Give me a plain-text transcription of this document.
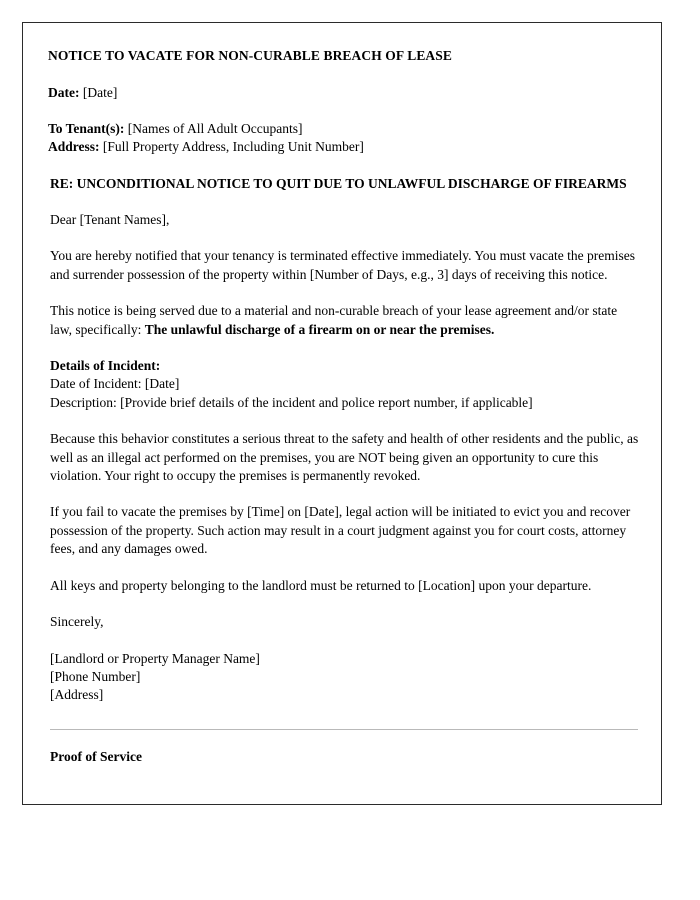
NOTICE TO VACATE FOR NON-CURABLE BREACH OF LEASE

Date: [Date]

To Tenant(s): [Names of All Adult Occupants]

Address: [Full Property Address, Including Unit Number]

RE: UNCONDITIONAL NOTICE TO QUIT DUE TO UNLAWFUL DISCHARGE OF FIREARMS

Dear [Tenant Names],

You are hereby notified that your tenancy is terminated effective immediately. You must vacate the premises and surrender possession of the property within [Number of Days, e.g., 3] days of receiving this notice.

This notice is being served due to a material and non-curable breach of your lease agreement and/or state law, specifically: The unlawful discharge of a firearm on or near the premises.

Details of Incident:

Date of Incident: [Date]

Description: [Provide brief details of the incident and police report number, if applicable]

Because this behavior constitutes a serious threat to the safety and health of other residents and the public, as well as an illegal act performed on the premises, you are NOT being given an opportunity to cure this violation. Your right to occupy the premises is permanently revoked.

If you fail to vacate the premises by [Time] on [Date], legal action will be initiated to evict you and recover possession of the property. Such action may result in a court judgment against you for court costs, attorney fees, and any damages owed.

All keys and property belonging to the landlord must be returned to [Location] upon your departure.

Sincerely,

[Landlord or Property Manager Name]

[Phone Number]

[Address]

Proof of Service
